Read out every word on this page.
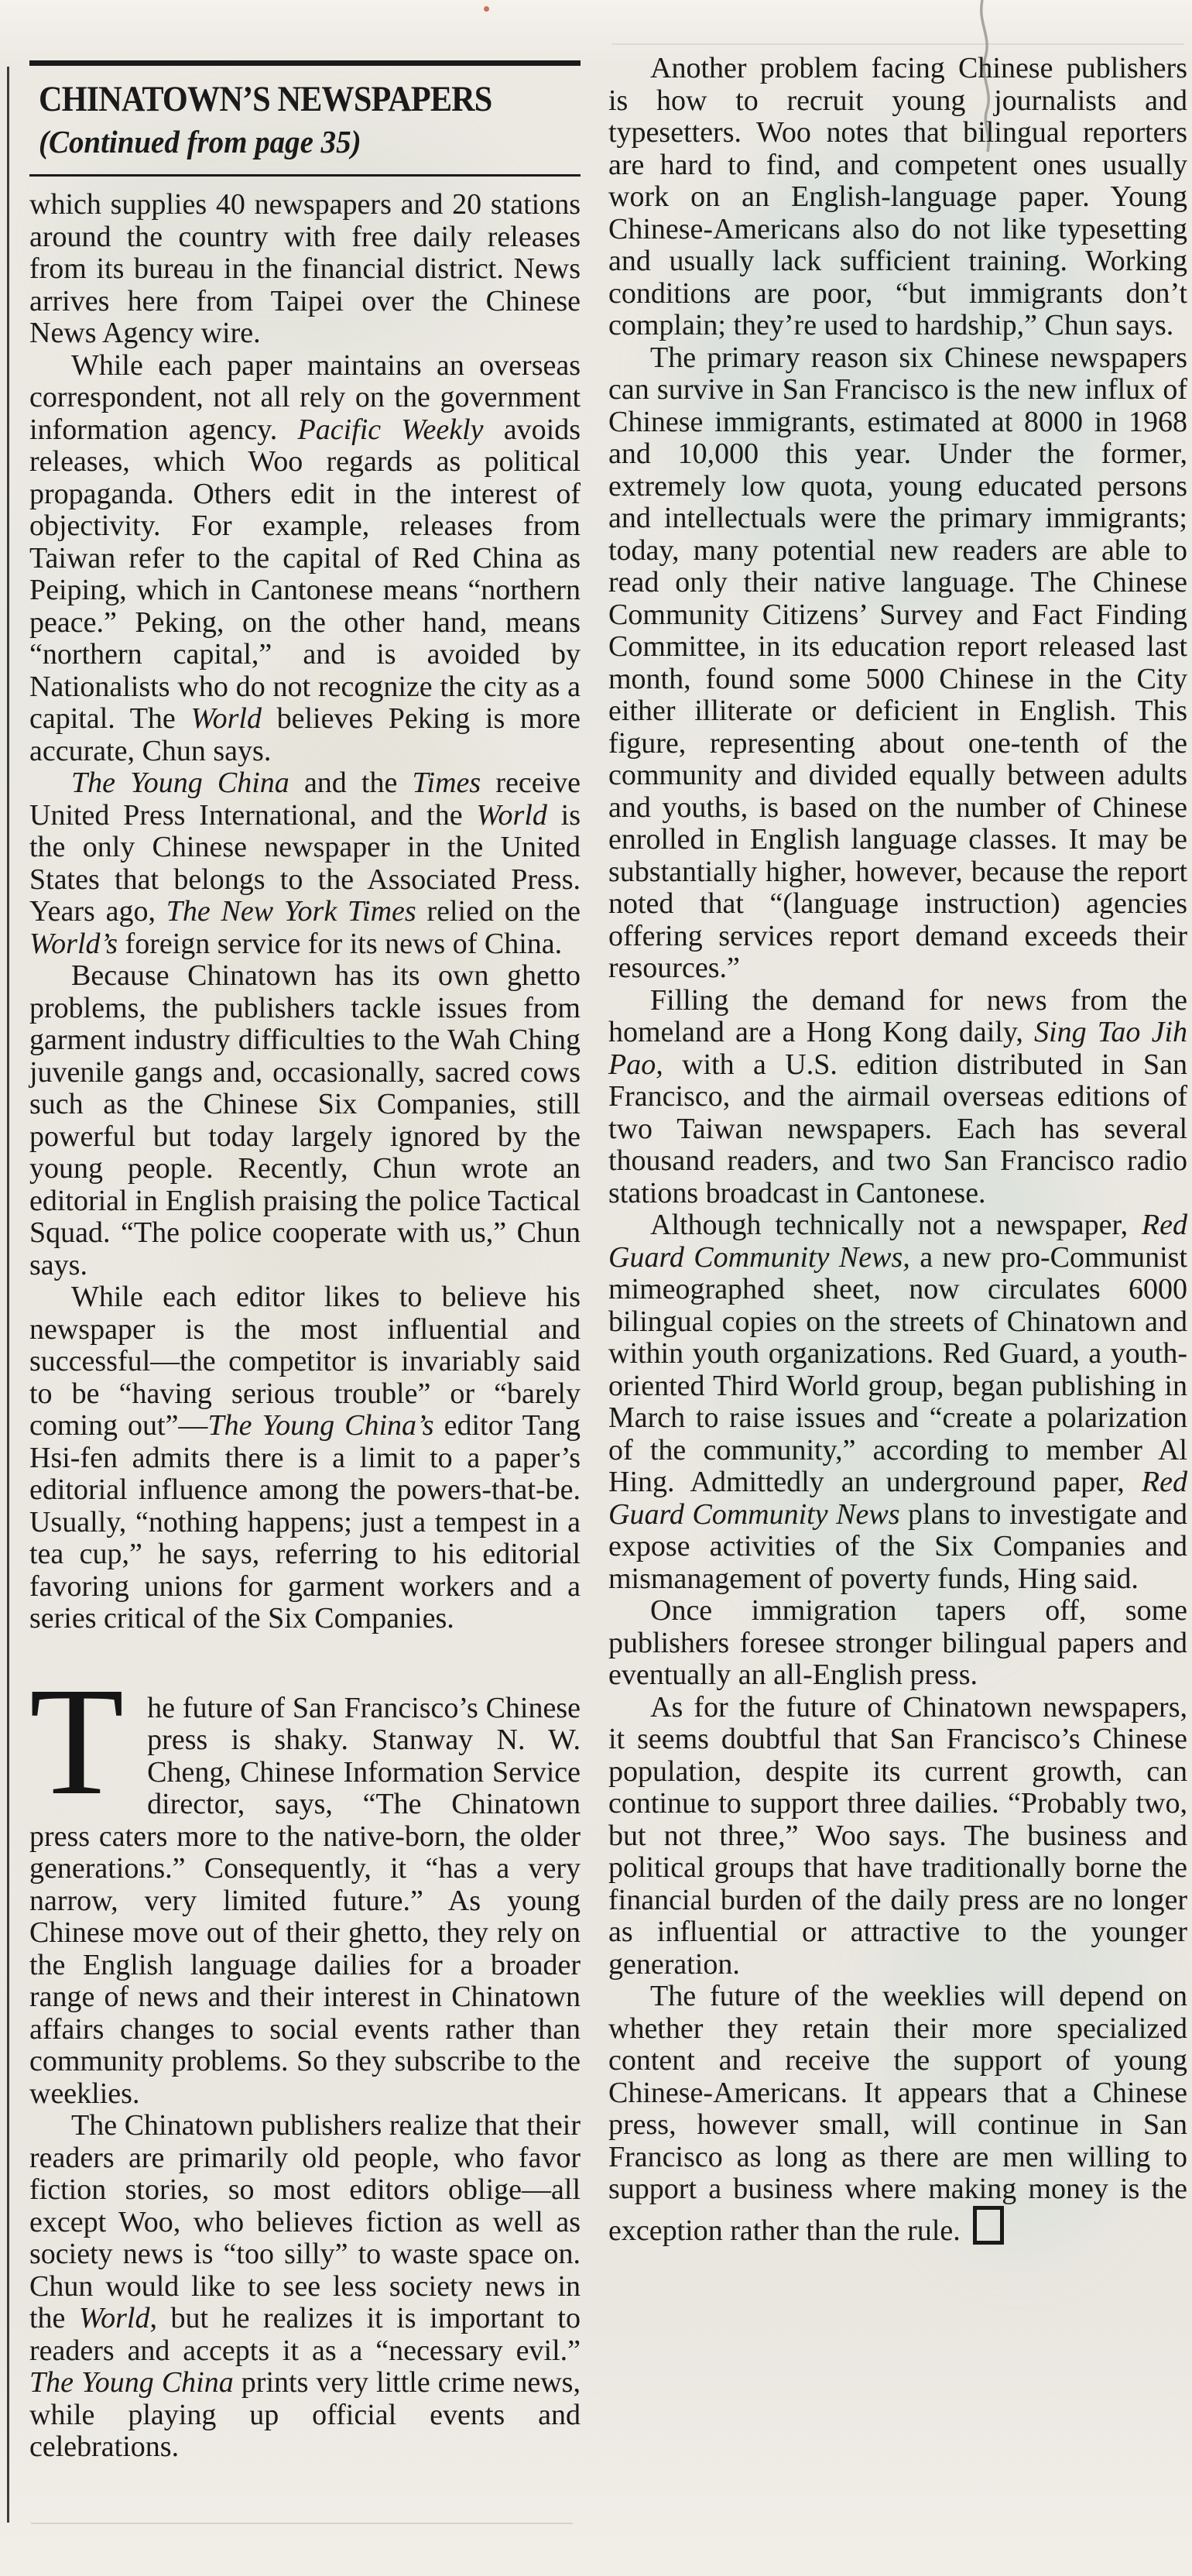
CHINATOWN’S NEWSPAPERS

(Continued from page 35)

which supplies 40 newspapers and 20 stations around the country with free daily releases from its bureau in the financial district. News arrives here from Taipei over the Chinese News Agency wire.

While each paper maintains an overseas correspondent, not all rely on the government information agency. Pacific Weekly avoids releases, which Woo regards as political propaganda. Others edit in the interest of objectivity. For example, releases from Taiwan refer to the capital of Red China as Peiping, which in Cantonese means “northern peace.” Peking, on the other hand, means “northern capital,” and is avoided by Nationalists who do not recognize the city as a capital. The World believes Peking is more accurate, Chun says.

The Young China and the Times receive United Press International, and the World is the only Chinese newspaper in the United States that belongs to the Associated Press. Years ago, The New York Times relied on the World’s foreign service for its news of China.

Because Chinatown has its own ghetto problems, the publishers tackle issues from garment industry difficulties to the Wah Ching juvenile gangs and, occasionally, sacred cows such as the Chinese Six Companies, still powerful but today largely ignored by the young people. Recently, Chun wrote an editorial in English praising the police Tactical Squad. “The police cooperate with us,” Chun says.

While each editor likes to believe his newspaper is the most influential and successful—the competitor is invariably said to be “having serious trouble” or “barely coming out”—The Young China’s editor Tang Hsi-fen admits there is a limit to a paper’s editorial influence among the powers-that-be. Usually, “nothing happens; just a tempest in a tea cup,” he says, referring to his editorial favoring unions for garment workers and a series critical of the Six Companies.

The future of San Francisco’s Chinese press is shaky. Stanway N. W. Cheng, Chinese Information Service director, says, “The Chinatown press caters more to the native-born, the older generations.” Consequently, it “has a very narrow, very limited future.” As young Chinese move out of their ghetto, they rely on the English language dailies for a broader range of news and their interest in Chinatown affairs changes to social events rather than community problems. So they subscribe to the weeklies.

The Chinatown publishers realize that their readers are primarily old people, who favor fiction stories, so most editors oblige—all except Woo, who believes fiction as well as society news is “too silly” to waste space on. Chun would like to see less society news in the World, but he realizes it is important to readers and accepts it as a “necessary evil.” The Young China prints very little crime news, while playing up official events and celebrations.

Another problem facing Chinese publishers is how to recruit young journalists and typesetters. Woo notes that bilingual reporters are hard to find, and competent ones usually work on an English-language paper. Young Chinese-Americans also do not like typesetting and usually lack sufficient training. Working conditions are poor, “but immigrants don’t complain; they’re used to hardship,” Chun says.

The primary reason six Chinese newspapers can survive in San Francisco is the new influx of Chinese immigrants, estimated at 8000 in 1968 and 10,000 this year. Under the former, extremely low quota, young educated persons and intellectuals were the primary immigrants; today, many potential new readers are able to read only their native language. The Chinese Community Citizens’ Survey and Fact Finding Committee, in its education report released last month, found some 5000 Chinese in the City either illiterate or deficient in English. This figure, representing about one-tenth of the community and divided equally between adults and youths, is based on the number of Chinese enrolled in English language classes. It may be substantially higher, however, because the report noted that “(language instruction) agencies offering services report demand exceeds their resources.”

Filling the demand for news from the homeland are a Hong Kong daily, Sing Tao Jih Pao, with a U.S. edition distributed in San Francisco, and the airmail overseas editions of two Taiwan newspapers. Each has several thousand readers, and two San Francisco radio stations broadcast in Cantonese.

Although technically not a newspaper, Red Guard Community News, a new pro-Communist mimeographed sheet, now circulates 6000 bilingual copies on the streets of Chinatown and within youth organizations. Red Guard, a youth-oriented Third World group, began publishing in March to raise issues and “create a polarization of the community,” according to member Al Hing. Admittedly an underground paper, Red Guard Community News plans to investigate and expose activities of the Six Companies and mismanagement of poverty funds, Hing said.

Once immigration tapers off, some publishers foresee stronger bilingual papers and eventually an all-English press.

As for the future of Chinatown newspapers, it seems doubtful that San Francisco’s Chinese population, despite its current growth, can continue to support three dailies. “Probably two, but not three,” Woo says. The business and political groups that have traditionally borne the financial burden of the daily press are no longer as influential or attractive to the younger generation.

The future of the weeklies will depend on whether they retain their more specialized content and receive the support of young Chinese-Americans. It appears that a Chinese press, however small, will continue in San Francisco as long as there are men willing to support a business where making money is the exception rather than the rule.
